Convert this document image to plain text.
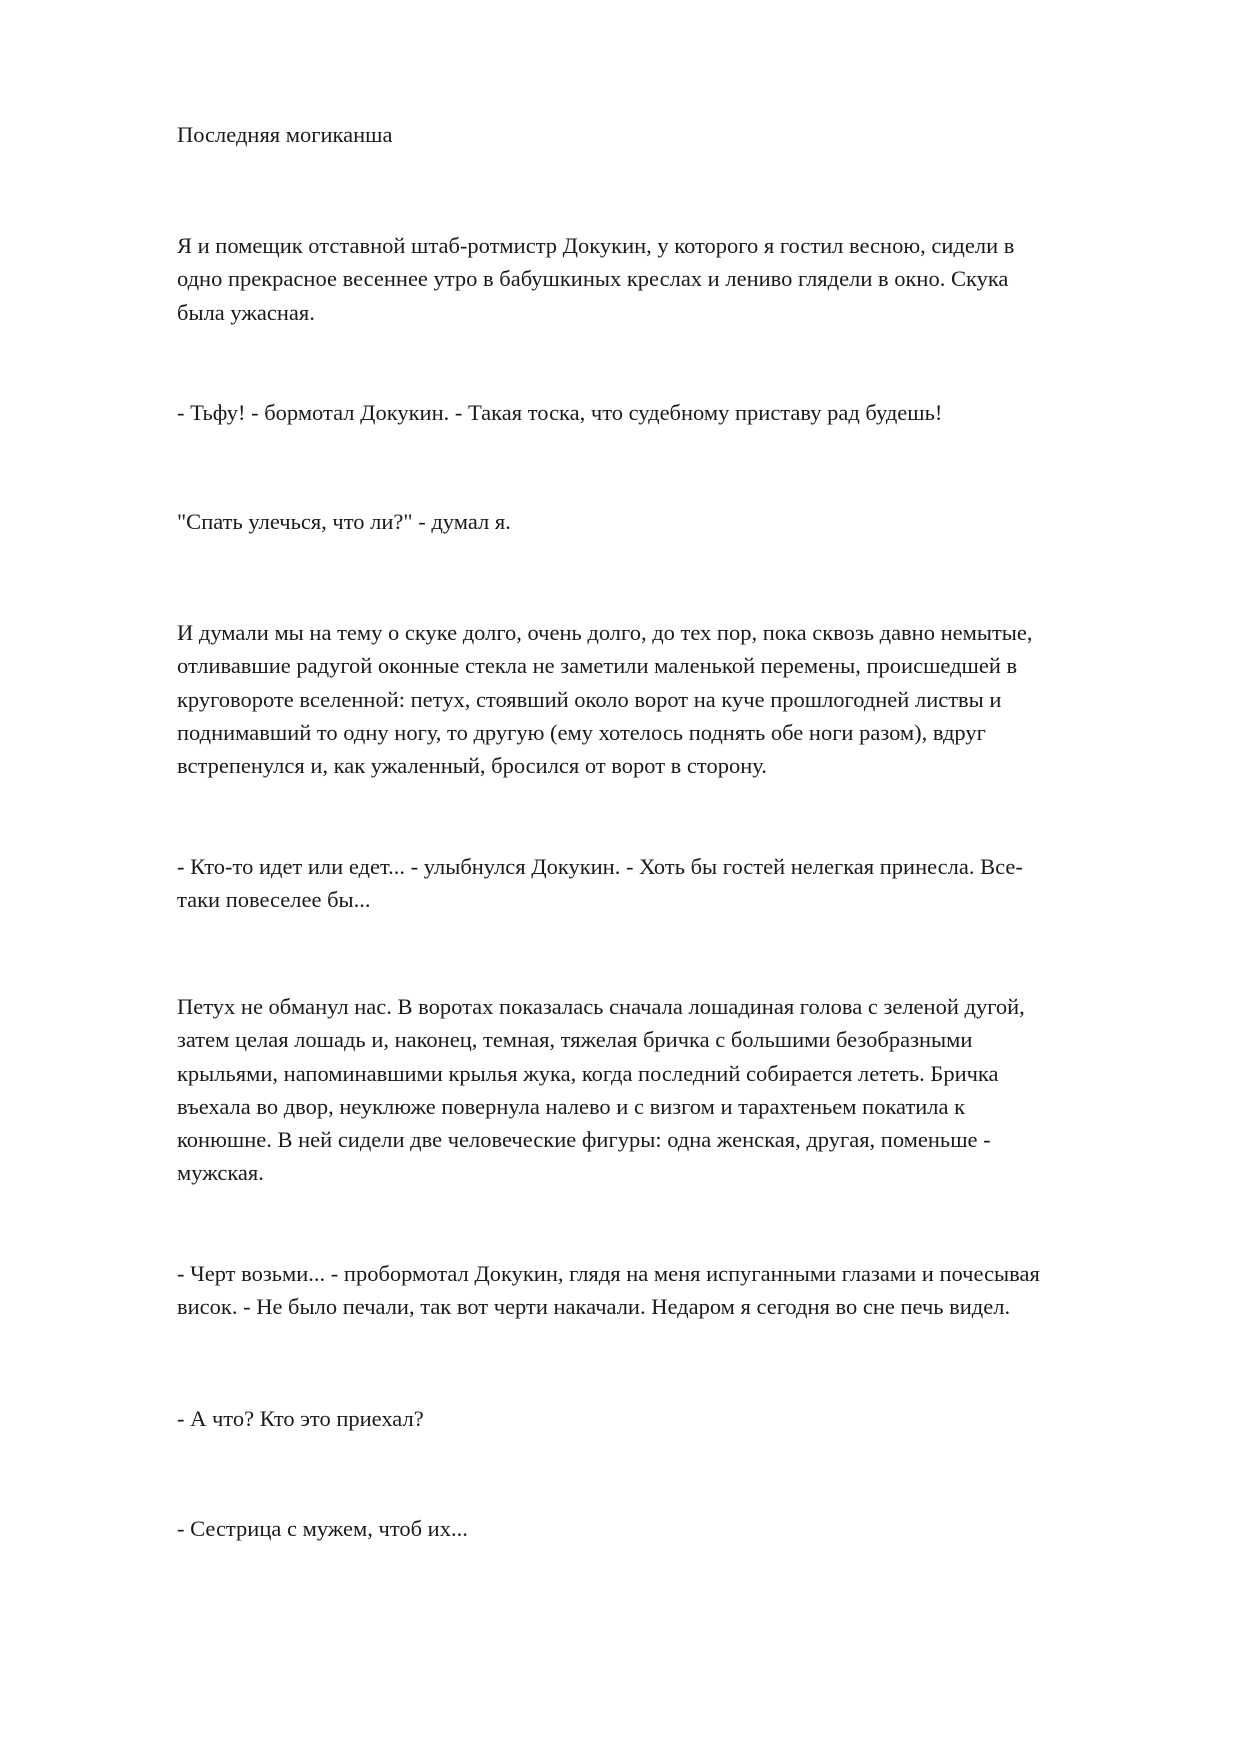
Последняя могиканша

Я и помещик отставной штаб-ротмистр Докукин, у которого я гостил весною, сидели в
одно прекрасное весеннее утро в бабушкиных креслах и лениво глядели в окно. Скука
была ужасная.

- Тьфу! - бормотал Докукин. - Такая тоска, что судебному приставу рад будешь!

"Спать улечься, что ли?" - думал я.

И думали мы на тему о скуке долго, очень долго, до тех пор, пока сквозь давно немытые,
отливавшие радугой оконные стекла не заметили маленькой перемены, происшедшей в
круговороте вселенной: петух, стоявший около ворот на куче прошлогодней листвы и
поднимавший то одну ногу, то другую (ему хотелось поднять обе ноги разом), вдруг
встрепенулся и, как ужаленный, бросился от ворот в сторону.

- Кто-то идет или едет... - улыбнулся Докукин. - Хоть бы гостей нелегкая принесла. Все-
таки повеселее бы...

Петух не обманул нас. В воротах показалась сначала лошадиная голова с зеленой дугой,
затем целая лошадь и, наконец, темная, тяжелая бричка с большими безобразными
крыльями, напоминавшими крылья жука, когда последний собирается лететь. Бричка
въехала во двор, неуклюже повернула налево и с визгом и тарахтеньем покатила к
конюшне. В ней сидели две человеческие фигуры: одна женская, другая, поменьше -
мужская.

- Черт возьми... - пробормотал Докукин, глядя на меня испуганными глазами и почесывая
висок. - Не было печали, так вот черти накачали. Недаром я сегодня во сне печь видел.

- А что? Кто это приехал?

- Сестрица с мужем, чтоб их...
